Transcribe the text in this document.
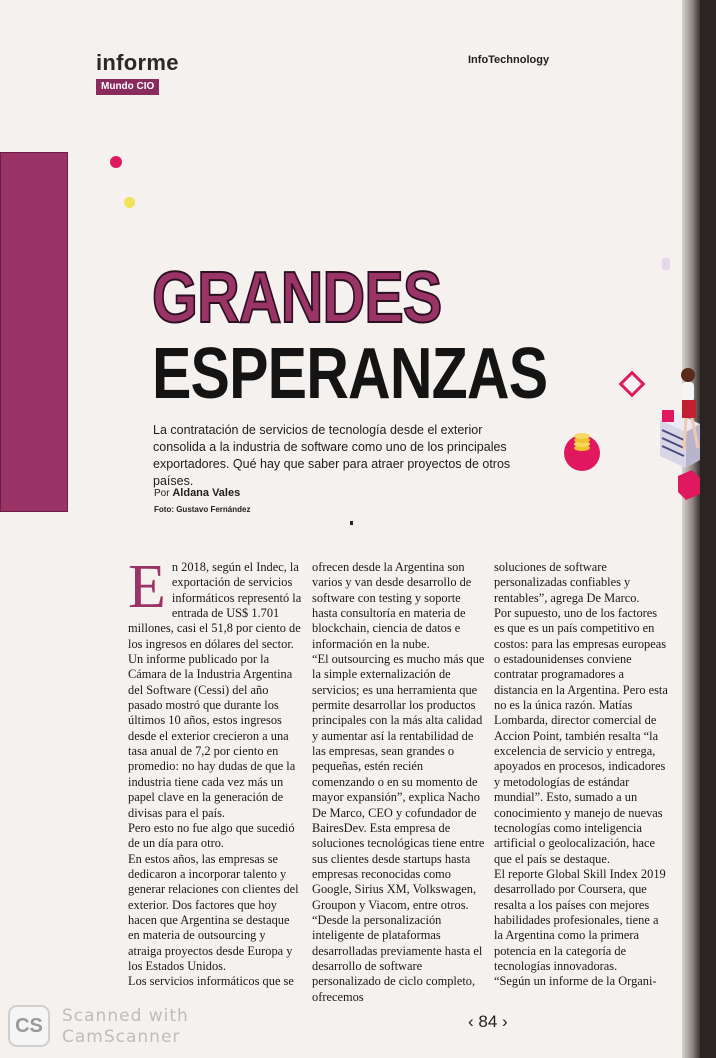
informe
Mundo CIO
InfoTechnology
GRANDES
ESPERANZAS
La contratación de servicios de tecnología desde el exterior consolida a la industria de software como uno de los principales exportadores. Qué hay que saber para atraer proyectos de otros países.
Por Aldana Vales
Foto: Gustavo Fernández
E n 2018, según el Indec, la exportación de servicios informáticos representó la entrada de US$ 1.701 millones, casi el 51,8 por ciento de los ingresos en dólares del sector. Un informe publicado por la Cámara de la Industria Argentina del Software (Cessi) del año pasado mostró que durante los últimos 10 años, estos ingresos desde el exterior crecieron a una tasa anual de 7,2 por ciento en promedio: no hay dudas de que la industria tiene cada vez más un papel clave en la generación de divisas para el país.

Pero esto no fue algo que sucedió de un día para otro.

En estos años, las empresas se dedicaron a incorporar talento y generar relaciones con clientes del exterior. Dos factores que hoy hacen que Argentina se destaque en materia de outsourcing y atraiga proyectos desde Europa y los Estados Unidos.

Los servicios informáticos que se

ofrecen desde la Argentina son varios y van desde desarrollo de software con testing y soporte hasta consultoría en materia de blockchain, ciencia de datos e información en la nube.

“El outsourcing es mucho más que la simple externalización de servicios; es una herramienta que permite desarrollar los productos principales con la más alta calidad y aumentar así la rentabilidad de las empresas, sean grandes o pequeñas, estén recién comenzando o en su momento de mayor expansión”, explica Nacho De Marco, CEO y cofundador de BairesDev. Esta empresa de soluciones tecnológicas tiene entre sus clientes desde startups hasta empresas reconocidas como Google, Sirius XM, Volkswagen, Groupon y Viacom, entre otros.

“Desde la personalización inteligente de plataformas desarrolladas previamente hasta el desarrollo de software personalizado de ciclo completo, ofrecemos

soluciones de software personalizadas confiables y rentables”, agrega De Marco.

Por supuesto, uno de los factores es que es un país competitivo en costos: para las empresas europeas o estadounidenses conviene contratar programadores a distancia en la Argentina. Pero esta no es la única razón. Matías Lombarda, director comercial de Accion Point, también resalta “la excelencia de servicio y entrega, apoyados en procesos, indicadores y metodologías de estándar mundial”. Esto, sumado a un conocimiento y manejo de nuevas tecnologías como inteligencia artificial o geolocalización, hace que el país se destaque.

El reporte Global Skill Index 2019 desarrollado por Coursera, que resalta a los países con mejores habilidades profesionales, tiene a la Argentina como la primera potencia en la categoría de tecnologías innovadoras.

“Según un informe de la Organi-

‹ 84 ›
CS	Scanned with
CamScanner
